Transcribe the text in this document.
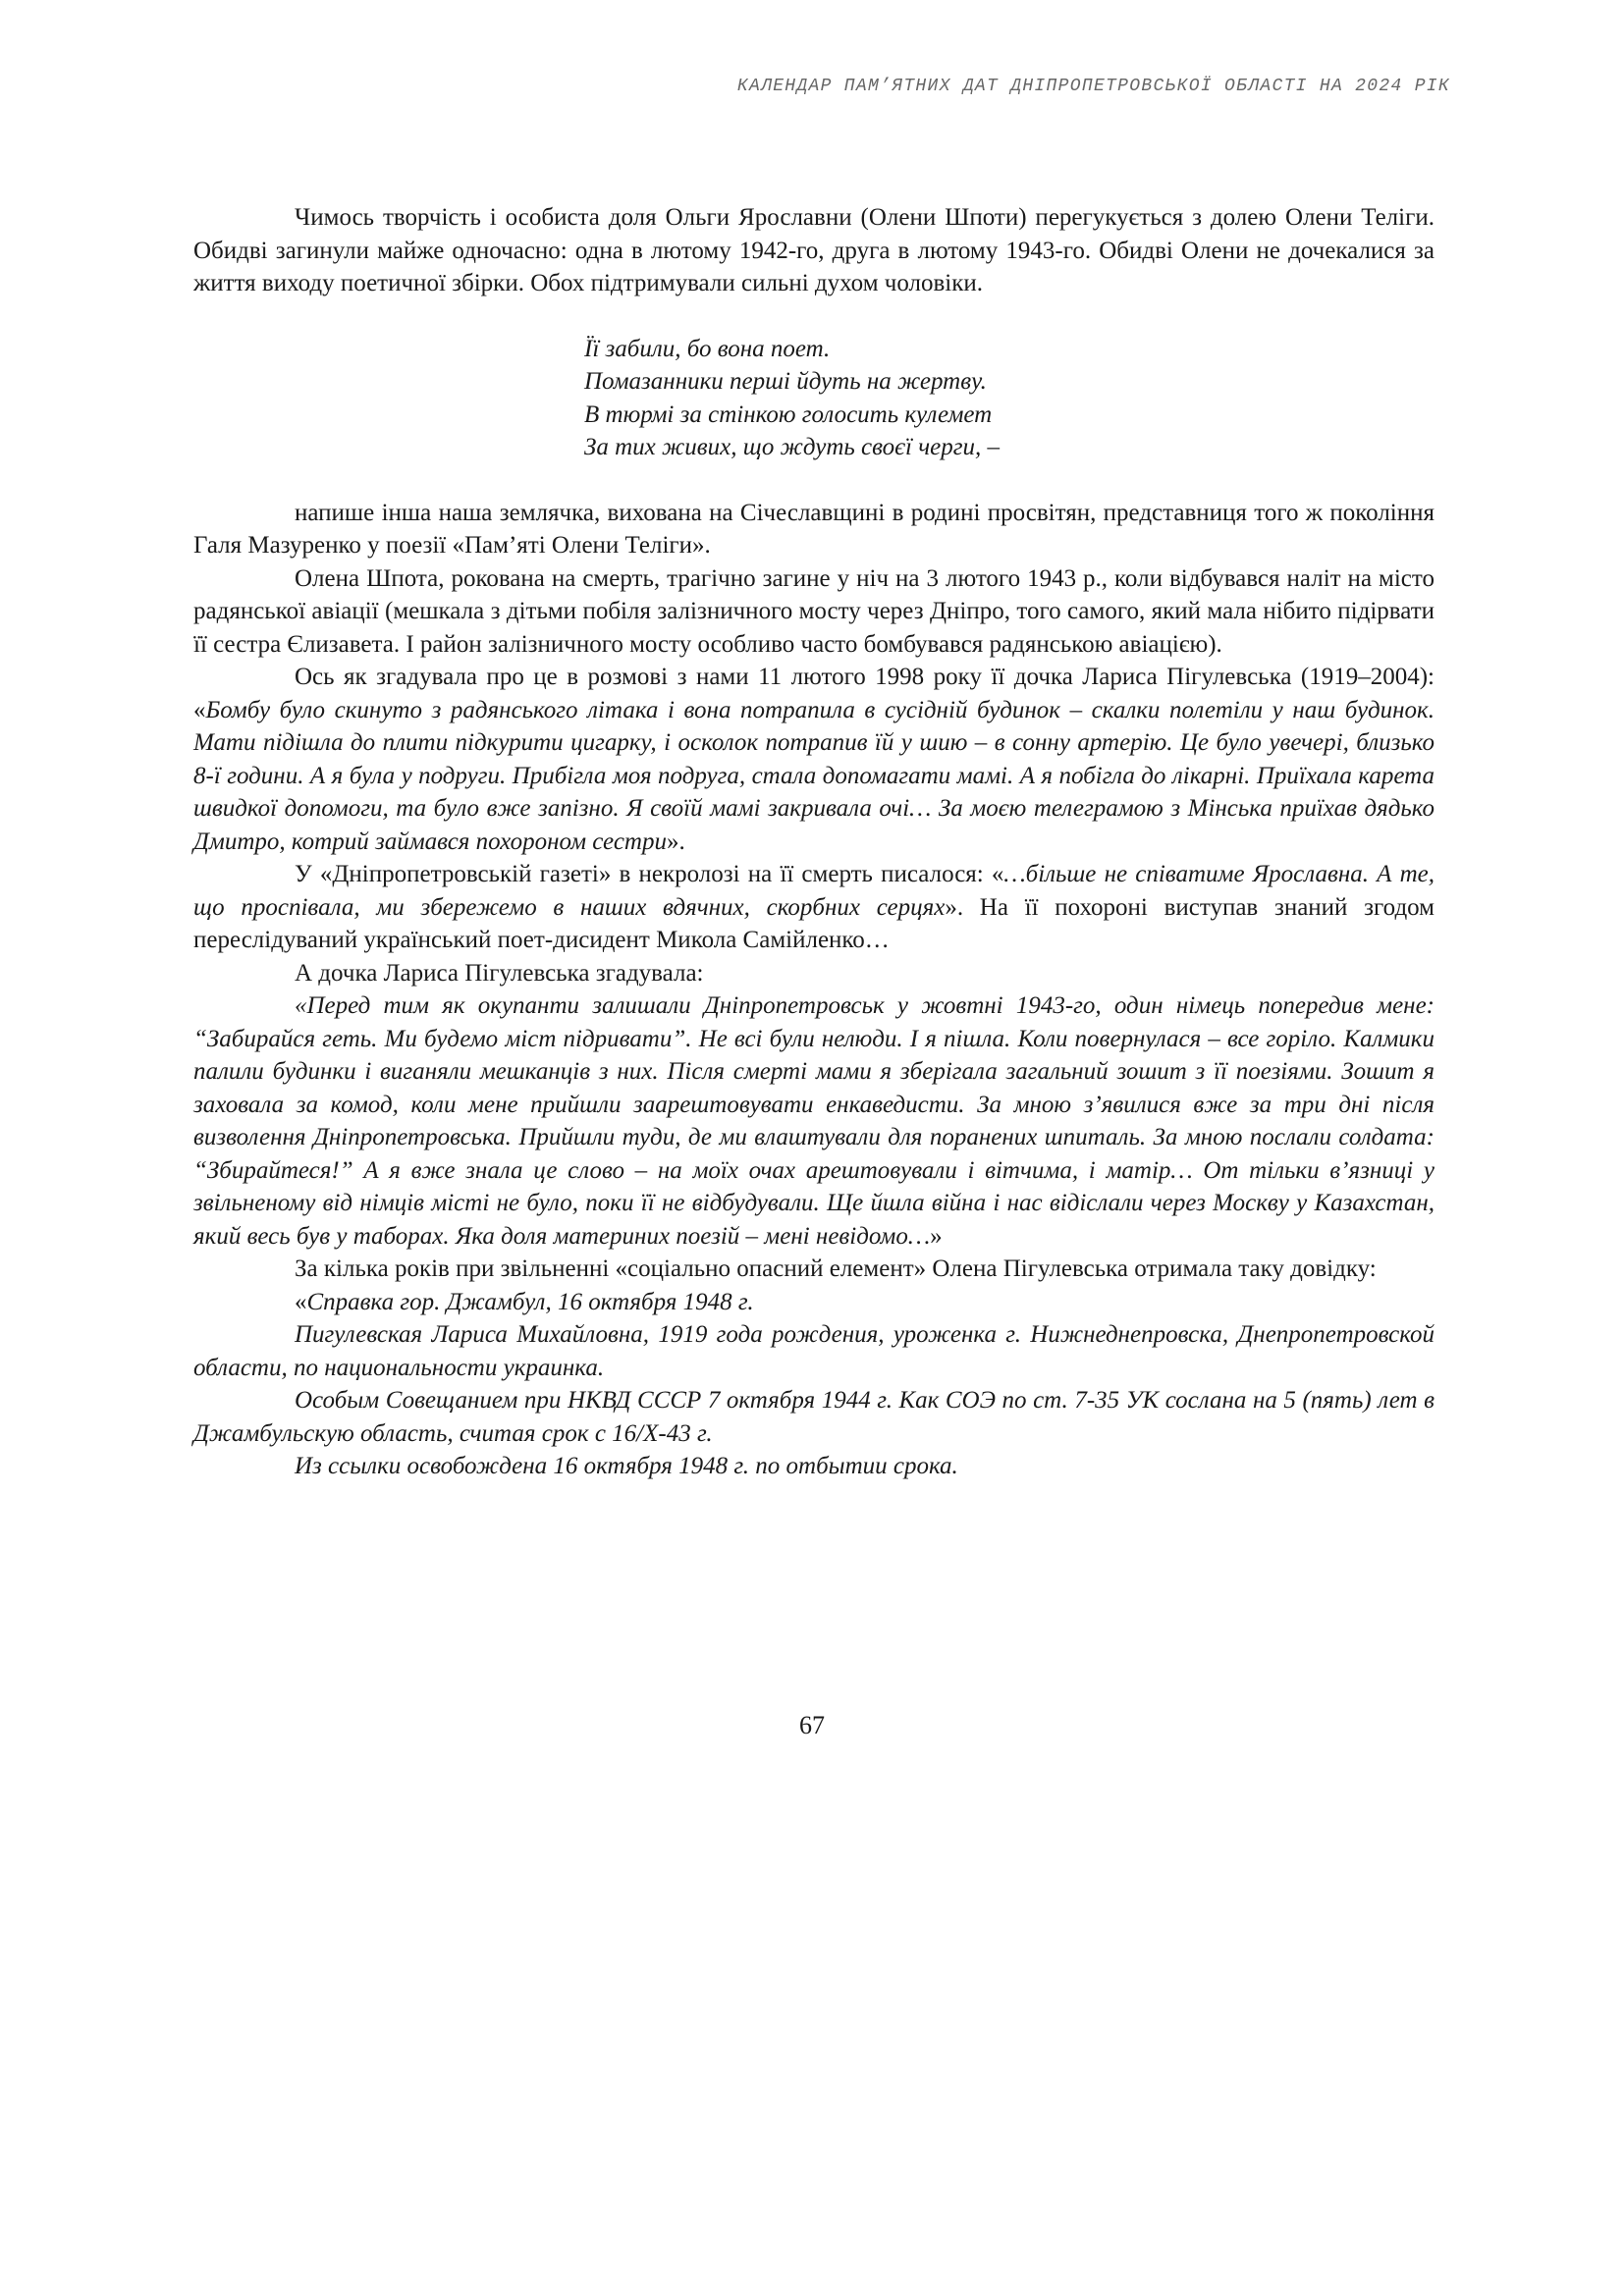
КАЛЕНДАР ПАМ’ЯТНИХ ДАТ ДНІПРОПЕТРОВСЬКОЇ ОБЛАСТІ НА 2024 РІК

Чимось творчість і особиста доля Ольги Ярославни (Олени Шпоти) перегукується з долею Олени Теліги. Обидві загинули майже одночасно: одна в лютому 1942-го, друга в лютому 1943-го. Обидві Олени не дочекалися за життя виходу поетичної збірки. Обох підтримували сильні духом чоловіки.

Її забили, бо вона поет.
Помазанники перші йдуть на жертву.
В тюрмі за стінкою голосить кулемет
За тих живих, що ждуть своєї черги, –

напише інша наша землячка, вихована на Січеславщині в родині просвітян, представниця того ж покоління Галя Мазуренко у поезії «Пам’яті Олени Теліги».

Олена Шпота, рокована на смерть, трагічно загине у ніч на 3 лютого 1943 р., коли відбувався наліт на місто радянської авіації (мешкала з дітьми побіля залізничного мосту через Дніпро, того самого, який мала нібито підірвати її сестра Єлизавета. І район залізничного мосту особливо часто бомбувався радянською авіацією).

Ось як згадувала про це в розмові з нами 11 лютого 1998 року її дочка Лариса Пігулевська (1919–2004): «Бомбу було скинуто з радянського літака і вона потрапила в сусідній будинок – скалки полетіли у наш будинок. Мати підішла до плити підкурити цигарку, і осколок потрапив їй у шию – в сонну артерію. Це було увечері, близько 8-ї години. А я була у подруги. Прибігла моя подруга, стала допомагати мамі. А я побігла до лікарні. Приїхала карета швидкої допомоги, та було вже запізно. Я своїй мамі закривала очі… За моєю телеграмою з Мінська приїхав дядько Дмитро, котрий займався похороном сестри».

У «Дніпропетровській газеті» в некролозі на її смерть писалося: «…більше не співатиме Ярославна. А те, що проспівала, ми збережемо в наших вдячних, скорбних серцях». На її похороні виступав знаний згодом переслідуваний український поет-дисидент Микола Самійленко…

А дочка Лариса Пігулевська згадувала:

«Перед тим як окупанти залишали Дніпропетровськ у жовтні 1943-го, один німець попередив мене: “Забирайся геть. Ми будемо міст підривати”. Не всі були нелюди. І я пішла. Коли повернулася – все горіло. Калмики палили будинки і виганяли мешканців з них. Після смерті мами я зберігала загальний зошит з її поезіями. Зошит я заховала за комод, коли мене прийшли заарештовувати енкаведисти. За мною з’явилися вже за три дні після визволення Дніпропетровська. Прийшли туди, де ми влаштували для поранених шпиталь. За мною послали солдата: “Збирайтеся!” А я вже знала це слово – на моїх очах арештовували і вітчима, і матір… От тільки в’язниці у звільненому від німців місті не було, поки її не відбудували. Ще йшла війна і нас відіслали через Москву у Казахстан, який весь був у таборах. Яка доля материних поезій – мені невідомо…»

За кілька років при звільненні «соціально опасний елемент» Олена Пігулевська отримала таку довідку:

«Справка гор. Джамбул, 16 октября 1948 г.

Пигулевская Лариса Михайловна, 1919 года рождения, уроженка г. Нижнеднепровска, Днепропетровской области, по национальности украинка.

Особым Совещанием при НКВД СССР 7 октября 1944 г. Как СОЭ по ст. 7-35 УК сослана на 5 (пять) лет в Джамбульскую область, считая срок с 16/X-43 г.

Из ссылки освобождена 16 октября 1948 г. по отбытии срока.

67
